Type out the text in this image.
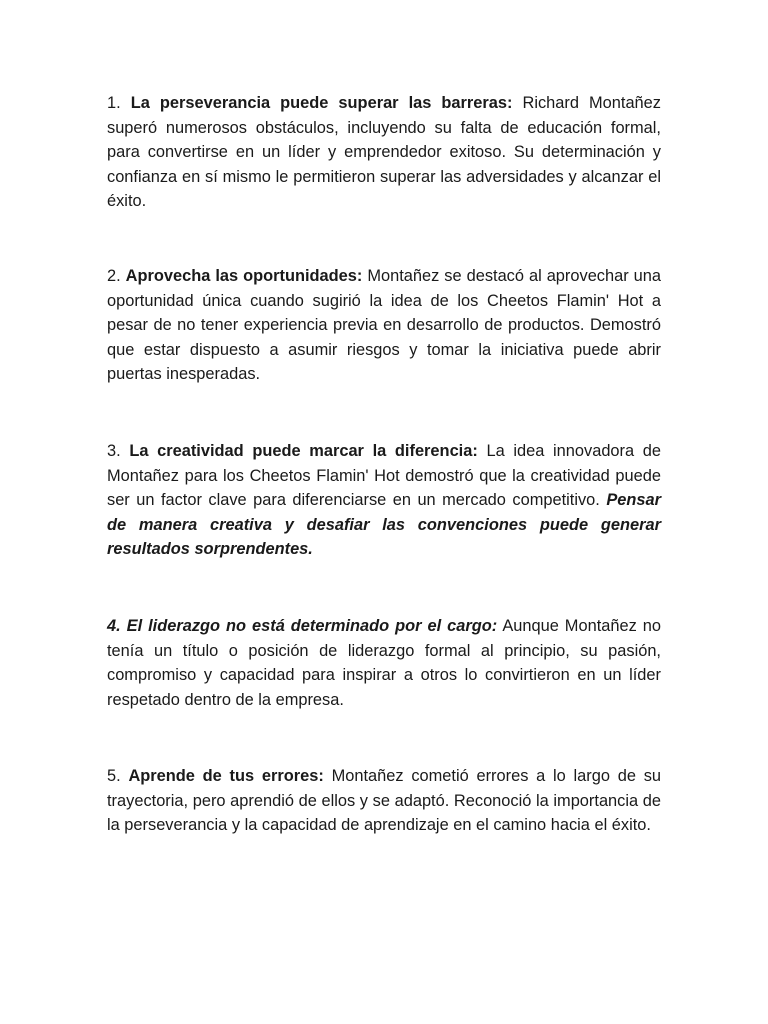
1. La perseverancia puede superar las barreras: Richard Montañez superó numerosos obstáculos, incluyendo su falta de educación formal, para convertirse en un líder y emprendedor exitoso. Su determinación y confianza en sí mismo le permitieron superar las adversidades y alcanzar el éxito.

2. Aprovecha las oportunidades: Montañez se destacó al aprovechar una oportunidad única cuando sugirió la idea de los Cheetos Flamin' Hot a pesar de no tener experiencia previa en desarrollo de productos. Demostró que estar dispuesto a asumir riesgos y tomar la iniciativa puede abrir puertas inesperadas.

3. La creatividad puede marcar la diferencia: La idea innovadora de Montañez para los Cheetos Flamin' Hot demostró que la creatividad puede ser un factor clave para diferenciarse en un mercado competitivo. Pensar de manera creativa y desafiar las convenciones puede generar resultados sorprendentes.

4. El liderazgo no está determinado por el cargo: Aunque Montañez no tenía un título o posición de liderazgo formal al principio, su pasión, compromiso y capacidad para inspirar a otros lo convirtieron en un líder respetado dentro de la empresa.

5. Aprende de tus errores: Montañez cometió errores a lo largo de su trayectoria, pero aprendió de ellos y se adaptó. Reconoció la importancia de la perseverancia y la capacidad de aprendizaje en el camino hacia el éxito.
